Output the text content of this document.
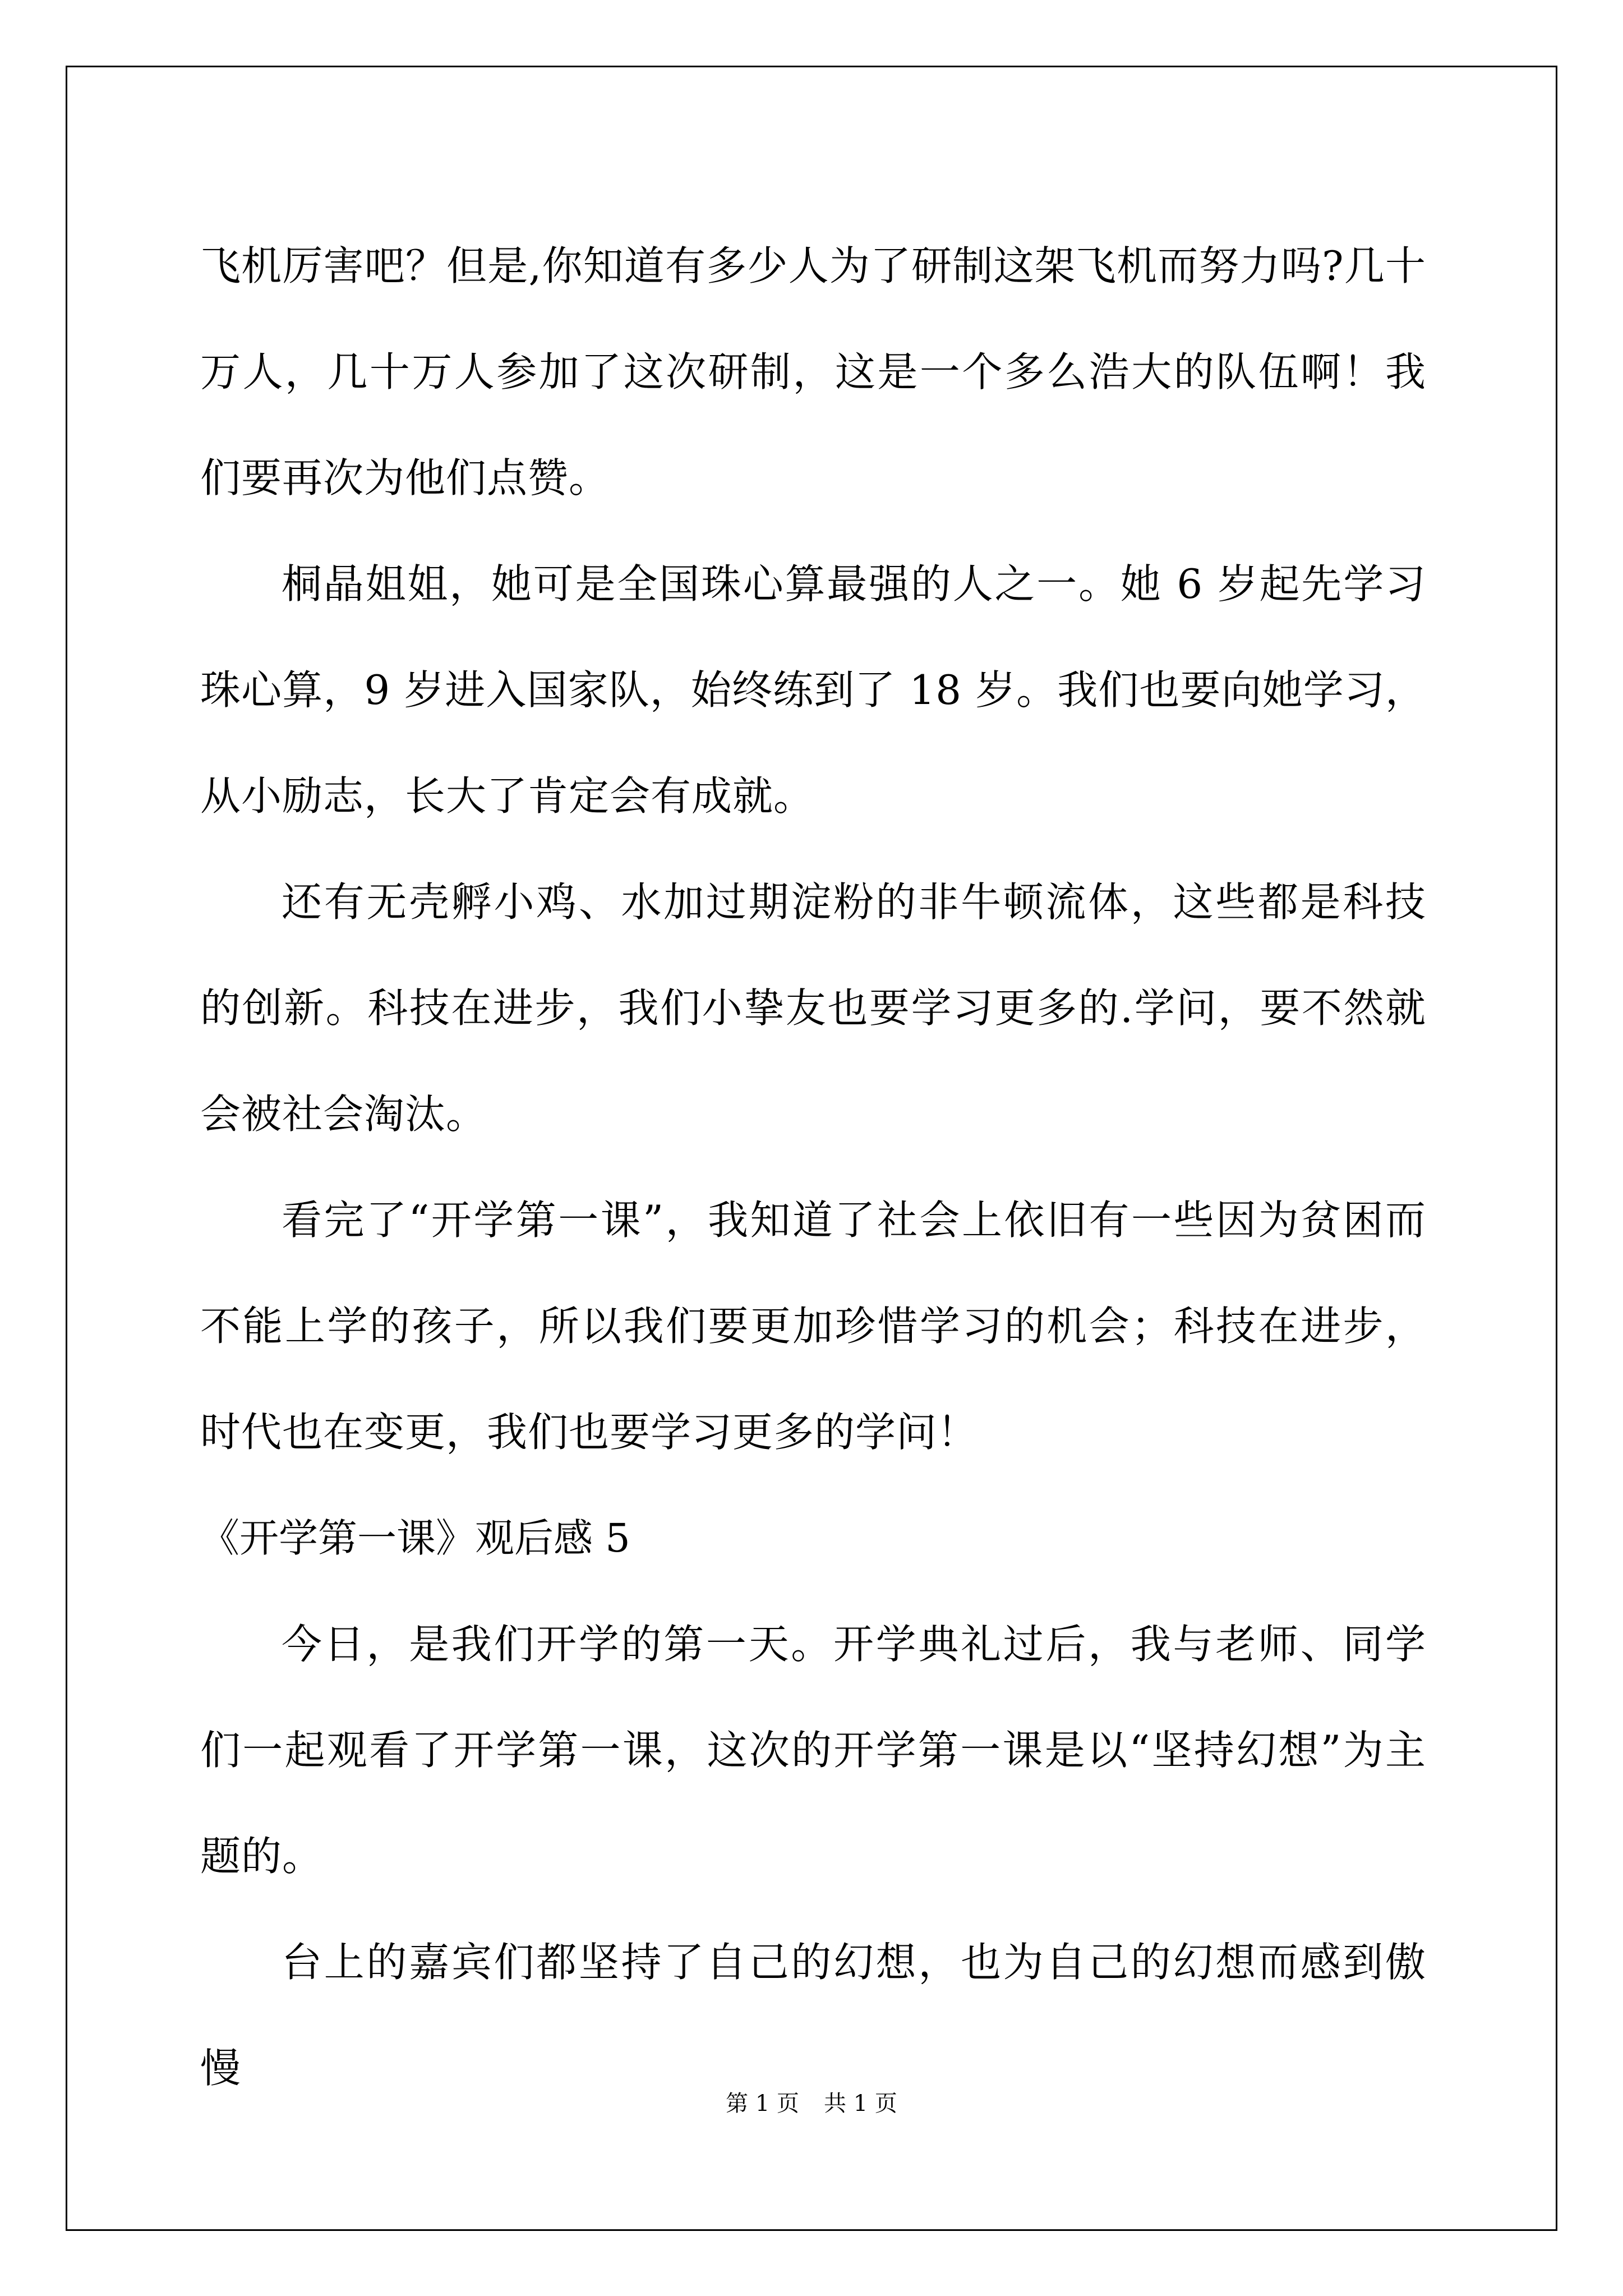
飞机厉害吧？但是,你知道有多少人为了研制这架飞机而努力吗?几十万人，几十万人参加了这次研制，这是一个多么浩大的队伍啊！我们要再次为他们点赞。

桐晶姐姐，她可是全国珠心算最强的人之一。她 6 岁起先学习珠心算，9 岁进入国家队，始终练到了 18 岁。我们也要向她学习，从小励志，长大了肯定会有成就。

还有无壳孵小鸡、水加过期淀粉的非牛顿流体，这些都是科技的创新。科技在进步，我们小挚友也要学习更多的.学问，要不然就会被社会淘汰。

看完了“开学第一课”，我知道了社会上依旧有一些因为贫困而不能上学的孩子，所以我们要更加珍惜学习的机会；科技在进步，时代也在变更，我们也要学习更多的学问！

《开学第一课》观后感 5

今日，是我们开学的第一天。开学典礼过后，我与老师、同学们一起观看了开学第一课，这次的开学第一课是以“坚持幻想”为主题的。

台上的嘉宾们都坚持了自己的幻想，也为自己的幻想而感到傲慢

第 1 页 共 1 页
